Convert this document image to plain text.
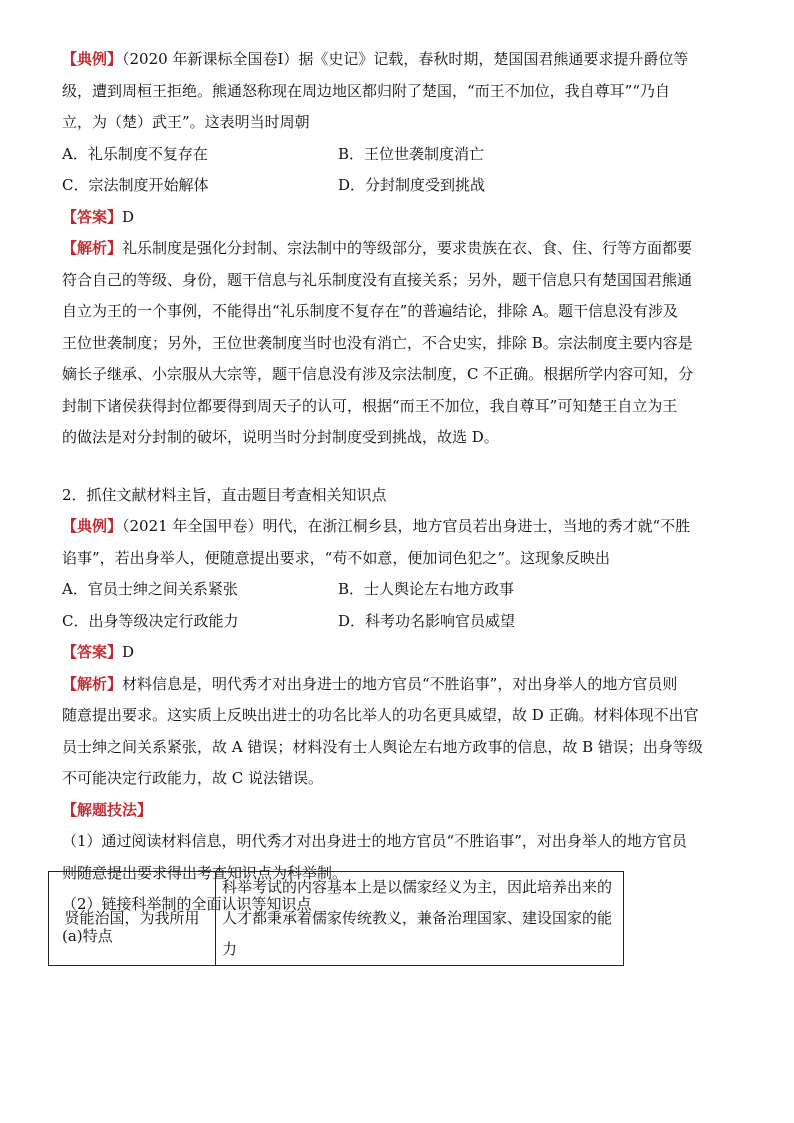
【典例】（2020 年新课标全国卷Ⅰ）据《史记》记载，春秋时期，楚国国君熊通要求提升爵位等
级，遭到周桓王拒绝。熊通怒称现在周边地区都归附了楚国，“而王不加位，我自尊耳”“乃自
立，为（楚）武王”。这表明当时周朝
A．礼乐制度不复存在	B．王位世袭制度消亡
C．宗法制度开始解体	D．分封制度受到挑战
【答案】D
【解析】礼乐制度是强化分封制、宗法制中的等级部分，要求贵族在衣、食、住、行等方面都要
符合自己的等级、身份，题干信息与礼乐制度没有直接关系；另外，题干信息只有楚国国君熊通
自立为王的一个事例，不能得出“礼乐制度不复存在”的普遍结论，排除 A。题干信息没有涉及
王位世袭制度；另外，王位世袭制度当时也没有消亡，不合史实，排除 B。宗法制度主要内容是
嫡长子继承、小宗服从大宗等，题干信息没有涉及宗法制度，C 不正确。根据所学内容可知，分
封制下诸侯获得封位都要得到周天子的认可，根据“而王不加位，我自尊耳”可知楚王自立为王
的做法是对分封制的破坏，说明当时分封制度受到挑战，故选 D。
2．抓住文献材料主旨，直击题目考查相关知识点
【典例】（2021 年全国甲卷）明代，在浙江桐乡县，地方官员若出身进士，当地的秀才就“不胜
谄事”，若出身举人，便随意提出要求，“苟不如意，便加词色犯之”。这现象反映出
A．官员士绅之间关系紧张	B．士人舆论左右地方政事
C．出身等级决定行政能力	D．科考功名影响官员威望
【答案】D
【解析】材料信息是，明代秀才对出身进士的地方官员“不胜谄事”，对出身举人的地方官员则
随意提出要求。这实质上反映出进士的功名比举人的功名更具威望，故 D 正确。材料体现不出官
员士绅之间关系紧张，故 A 错误；材料没有士人舆论左右地方政事的信息，故 B 错误；出身等级
不可能决定行政能力，故 C 说法错误。
【解题技法】
（1）通过阅读材料信息，明代秀才对出身进士的地方官员“不胜谄事”，对出身举人的地方官员
则随意提出要求得出考查知识点为科举制。
（2）链接科举制的全面认识等知识点
(a)特点
贤能治国，为我所用	科举考试的内容基本上是以儒家经义为主，因此培养出来的人才都秉承着儒家传统教义，兼备治理国家、建设国家的能力
